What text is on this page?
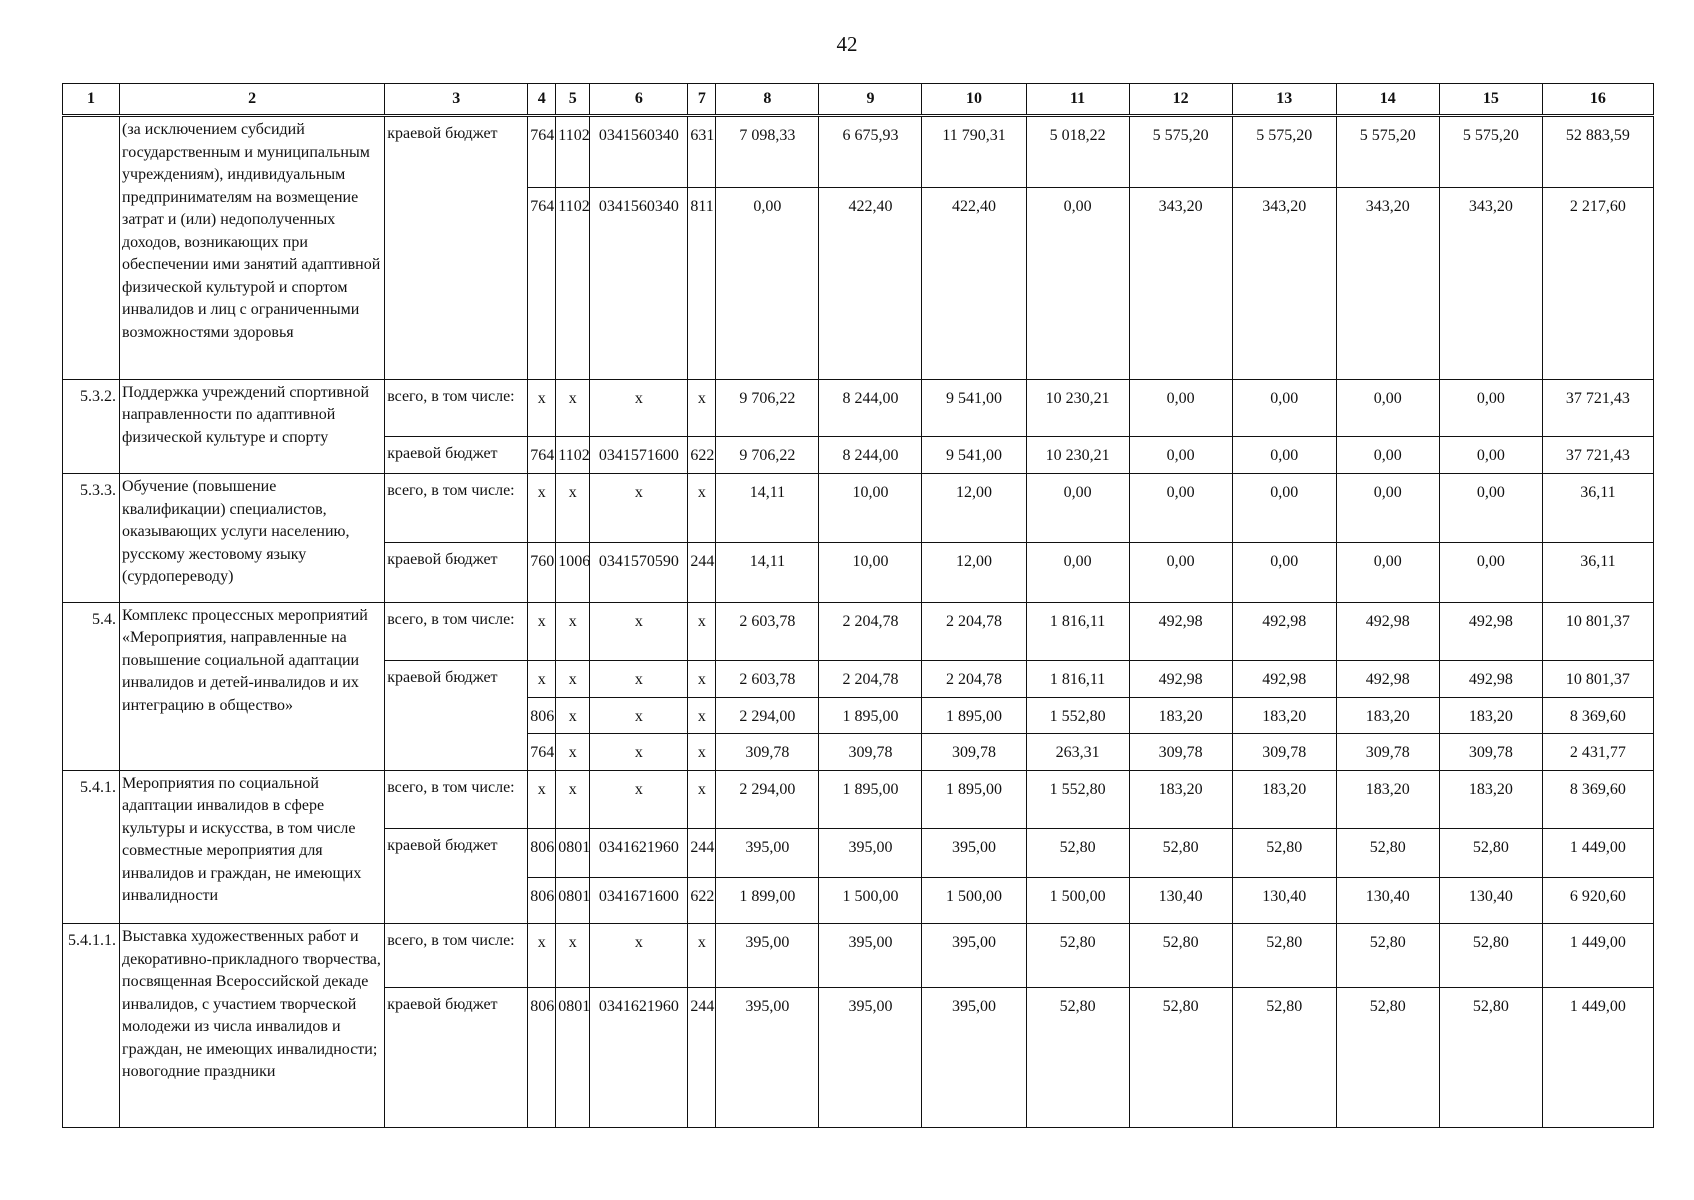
42
1	2	3	4	5	6	7	8	9	10	11	12	13	14	15	16
	(за исключением субсидий государственным и муниципальным учреждениям), индивидуальным предпринимателям на возмещение затрат и (или) недополученных доходов, возникающих при обеспечении ими занятий адаптивной физической культурой и спортом инвалидов и лиц с ограниченными возможностями здоровья	краевой бюджет	764	1102	0341560340	631	7 098,33	6 675,93	11 790,31	5 018,22	5 575,20	5 575,20	5 575,20	5 575,20	52 883,59
			764	1102	0341560340	811	0,00	422,40	422,40	0,00	343,20	343,20	343,20	343,20	2 217,60
5.3.2.	Поддержка учреждений спортивной направленности по адаптивной физической культуре и спорту	всего, в том числе:	х	х	х	х	9 706,22	8 244,00	9 541,00	10 230,21	0,00	0,00	0,00	0,00	37 721,43
		краевой бюджет	764	1102	0341571600	622	9 706,22	8 244,00	9 541,00	10 230,21	0,00	0,00	0,00	0,00	37 721,43
5.3.3.	Обучение (повышение квалификации) специалистов, оказывающих услуги населению, русскому жестовому языку (сурдопереводу)	всего, в том числе:	х	х	х	х	14,11	10,00	12,00	0,00	0,00	0,00	0,00	0,00	36,11
		краевой бюджет	760	1006	0341570590	244	14,11	10,00	12,00	0,00	0,00	0,00	0,00	0,00	36,11
5.4.	Комплекс процессных мероприятий «Мероприятия, направленные на повышение социальной адаптации инвалидов и детей-инвалидов и их интеграцию в общество»	всего, в том числе:	х	х	х	х	2 603,78	2 204,78	2 204,78	1 816,11	492,98	492,98	492,98	492,98	10 801,37
		краевой бюджет	х	х	х	х	2 603,78	2 204,78	2 204,78	1 816,11	492,98	492,98	492,98	492,98	10 801,37
			806	х	х	х	2 294,00	1 895,00	1 895,00	1 552,80	183,20	183,20	183,20	183,20	8 369,60
			764	х	х	х	309,78	309,78	309,78	263,31	309,78	309,78	309,78	309,78	2 431,77
5.4.1.	Мероприятия по социальной адаптации инвалидов в сфере культуры и искусства, в том числе совместные мероприятия для инвалидов и граждан, не имеющих инвалидности	всего, в том числе:	х	х	х	х	2 294,00	1 895,00	1 895,00	1 552,80	183,20	183,20	183,20	183,20	8 369,60
		краевой бюджет	806	0801	0341621960	244	395,00	395,00	395,00	52,80	52,80	52,80	52,80	52,80	1 449,00
			806	0801	0341671600	622	1 899,00	1 500,00	1 500,00	1 500,00	130,40	130,40	130,40	130,40	6 920,60
5.4.1.1.	Выставка художественных работ и декоративно-прикладного творчества, посвященная Всероссийской декаде инвалидов, с участием творческой молодежи из числа инвалидов и граждан, не имеющих инвалидности; новогодние праздники	всего, в том числе:	х	х	х	х	395,00	395,00	395,00	52,80	52,80	52,80	52,80	52,80	1 449,00
		краевой бюджет	806	0801	0341621960	244	395,00	395,00	395,00	52,80	52,80	52,80	52,80	52,80	1 449,00
